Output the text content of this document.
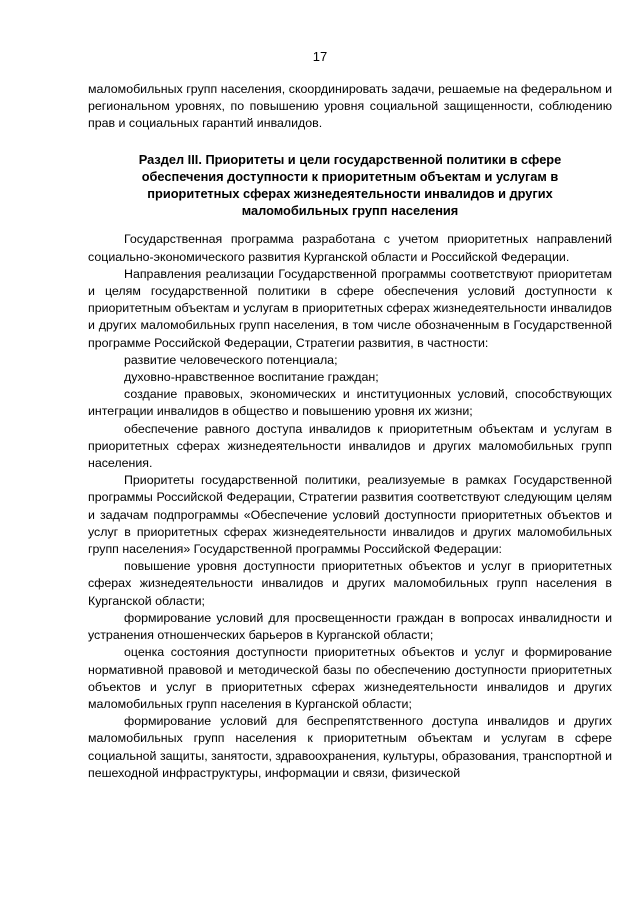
17

маломобильных групп населения, скоординировать задачи, решаемые на федеральном и региональном уровнях, по повышению уровня социальной защищенности, соблюдению прав и социальных гарантий инвалидов.

Раздел III. Приоритеты и цели государственной политики в сфере обеспечения доступности к приоритетным объектам и услугам в приоритетных сферах жизнедеятельности инвалидов и других маломобильных групп населения

Государственная программа разработана с учетом приоритетных направлений социально-экономического развития Курганской области и Российской Федерации.

Направления реализации Государственной программы соответствуют приоритетам и целям государственной политики в сфере обеспечения условий доступности к приоритетным объектам и услугам в приоритетных сферах жизнедеятельности инвалидов и других маломобильных групп населения, в том числе обозначенным в Государственной программе Российской Федерации, Стратегии развития, в частности:

развитие человеческого потенциала;

духовно-нравственное воспитание граждан;

создание правовых, экономических и институционных условий, способствующих интеграции инвалидов в общество и повышению уровня их жизни;

обеспечение равного доступа инвалидов к приоритетным объектам и услугам в приоритетных сферах жизнедеятельности инвалидов и других маломобильных групп населения.

Приоритеты государственной политики, реализуемые в рамках Государственной программы Российской Федерации, Стратегии развития соответствуют следующим целям и задачам подпрограммы «Обеспечение условий доступности приоритетных объектов и услуг в приоритетных сферах жизнедеятельности инвалидов и других маломобильных групп населения» Государственной программы Российской Федерации:

повышение уровня доступности приоритетных объектов и услуг в приоритетных сферах жизнедеятельности инвалидов и других маломобильных групп населения в Курганской области;

формирование условий для просвещенности граждан в вопросах инвалидности и устранения отношенческих барьеров в Курганской области;

оценка состояния доступности приоритетных объектов и услуг и формирование нормативной правовой и методической базы по обеспечению доступности приоритетных объектов и услуг в приоритетных сферах жизнедеятельности инвалидов и других маломобильных групп населения в Курганской области;

формирование условий для беспрепятственного доступа инвалидов и других маломобильных групп населения к приоритетным объектам и услугам в сфере социальной защиты, занятости, здравоохранения, культуры, образования, транспортной и пешеходной инфраструктуры, информации и связи, физической
